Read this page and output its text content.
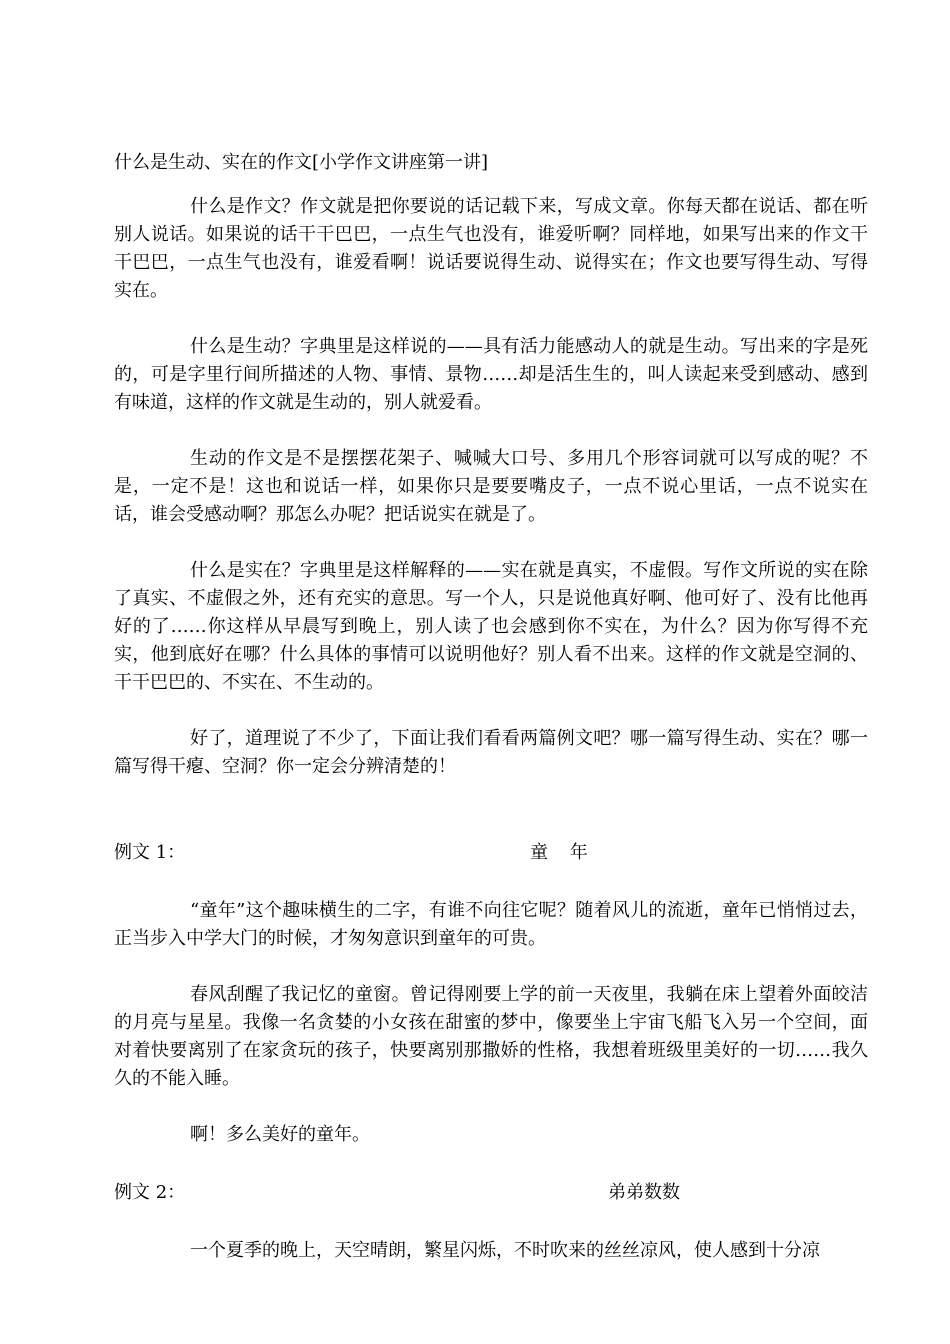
什么是生动、实在的作文[小学作文讲座第一讲]

什么是作文？作文就是把你要说的话记载下来，写成文章。你每天都在说话、都在听别人说话。如果说的话干干巴巴，一点生气也没有，谁爱听啊？同样地，如果写出来的作文干干巴巴，一点生气也没有，谁爱看啊！说话要说得生动、说得实在；作文也要写得生动、写得实在。

什么是生动？字典里是这样说的——具有活力能感动人的就是生动。写出来的字是死的，可是字里行间所描述的人物、事情、景物……却是活生生的，叫人读起来受到感动、感到有味道，这样的作文就是生动的，别人就爱看。

生动的作文是不是摆摆花架子、喊喊大口号、多用几个形容词就可以写成的呢？不是，一定不是！这也和说话一样，如果你只是要要嘴皮子，一点不说心里话，一点不说实在话，谁会受感动啊？那怎么办呢？把话说实在就是了。

什么是实在？字典里是这样解释的——实在就是真实，不虚假。写作文所说的实在除了真实、不虚假之外，还有充实的意思。写一个人，只是说他真好啊、他可好了、没有比他再好的了……你这样从早晨写到晚上，别人读了也会感到你不实在，为什么？因为你写得不充实，他到底好在哪？什么具体的事情可以说明他好？别人看不出来。这样的作文就是空洞的、干干巴巴的、不实在、不生动的。

好了，道理说了不少了，下面让我们看看两篇例文吧？哪一篇写得生动、实在？哪一篇写得干瘪、空洞？你一定会分辨清楚的！

例文 1：	童 年

“童年”这个趣味横生的二字，有谁不向往它呢？随着风儿的流逝，童年已悄悄过去，正当步入中学大门的时候，才匆匆意识到童年的可贵。

春风刮醒了我记忆的童窗。曾记得刚要上学的前一天夜里，我躺在床上望着外面皎洁的月亮与星星。我像一名贪婪的小女孩在甜蜜的梦中，像要坐上宇宙飞船飞入另一个空间，面对着快要离别了在家贪玩的孩子，快要离别那撒娇的性格，我想着班级里美好的一切……我久久的不能入睡。

啊！多么美好的童年。

例文 2：	弟弟数数

一个夏季的晚上，天空晴朗，繁星闪烁，不时吹来的丝丝凉风，使人感到十分凉
